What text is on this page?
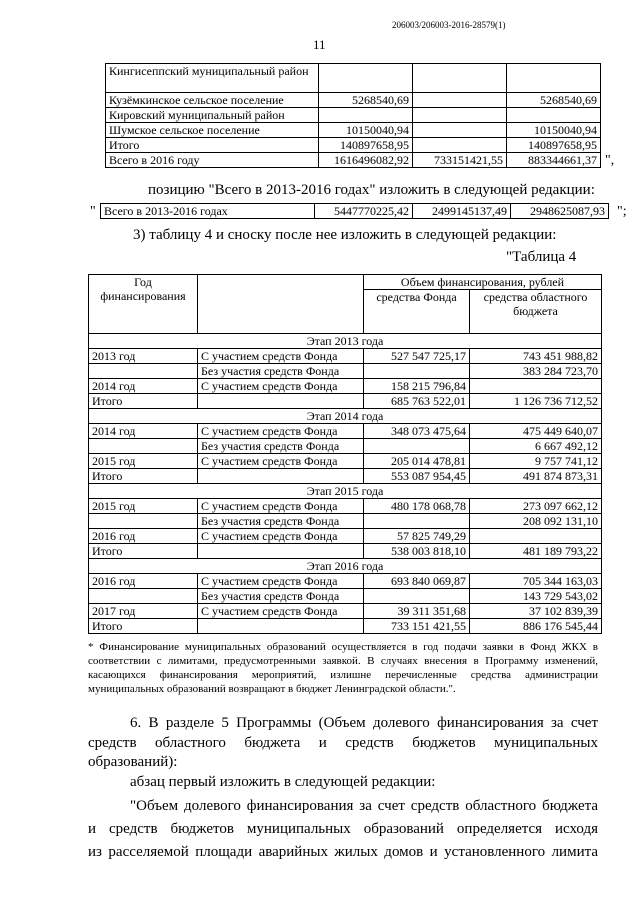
206003/206003-2016-28579(1)
11
Кингисеппский муниципальный район			
Кузёмкинское сельское поселение	5268540,69		5268540,69
Кировский муниципальный район			
Шумское сельское поселение	10150040,94		10150040,94
Итого	140897658,95		140897658,95
Всего в 2016 году	1616496082,92	733151421,55	883344661,37 ",
позицию "Всего в 2013-2016 годах" изложить в следующей редакции:
" Всего в 2013-2016 годах	5447770225,42	2499145137,49	2948625087,93 ";
3) таблицу 4 и сноску после нее изложить в следующей редакции:
"Таблица 4
Год финансирования		Объем финансирования, рублей	
		средства Фонда	средства областного бюджета
Этап 2013 года			
2013 год	С участием средств Фонда	527 547 725,17	743 451 988,82
	Без участия средств Фонда		383 284 723,70
2014 год	С участием средств Фонда	158 215 796,84	
Итого		685 763 522,01	1 126 736 712,52
Этап 2014 года			
2014 год	С участием средств Фонда	348 073 475,64	475 449 640,07
	Без участия средств Фонда		6 667 492,12
2015 год	С участием средств Фонда	205 014 478,81	9 757 741,12
Итого		553 087 954,45	491 874 873,31
Этап 2015 года			
2015 год	С участием средств Фонда	480 178 068,78	273 097 662,12
	Без участия средств Фонда		208 092 131,10
2016 год	С участием средств Фонда	57 825 749,29	
Итого		538 003 818,10	481 189 793,22
Этап 2016 года			
2016 год	С участием средств Фонда	693 840 069,87	705 344 163,03
	Без участия средств Фонда		143 729 543,02
2017 год	С участием средств Фонда	39 311 351,68	37 102 839,39
Итого		733 151 421,55	886 176 545,44
* Финансирование муниципальных образований осуществляется в год подачи заявки в Фонд ЖКХ в соответствии с лимитами, предусмотренными заявкой. В случаях внесения в Программу изменений, касающихся финансирования мероприятий, излишне перечисленные средства администрации муниципальных образований возвращают в бюджет Ленинградской области.".
6. В разделе 5 Программы (Объем долевого финансирования за счет
средств областного бюджета и средств бюджетов муниципальных
образований):
абзац первый изложить в следующей редакции:
"Объем долевого финансирования за счет средств областного бюджета
и средств бюджетов муниципальных образований определяется исходя
из расселяемой площади аварийных жилых домов и установленного лимита
